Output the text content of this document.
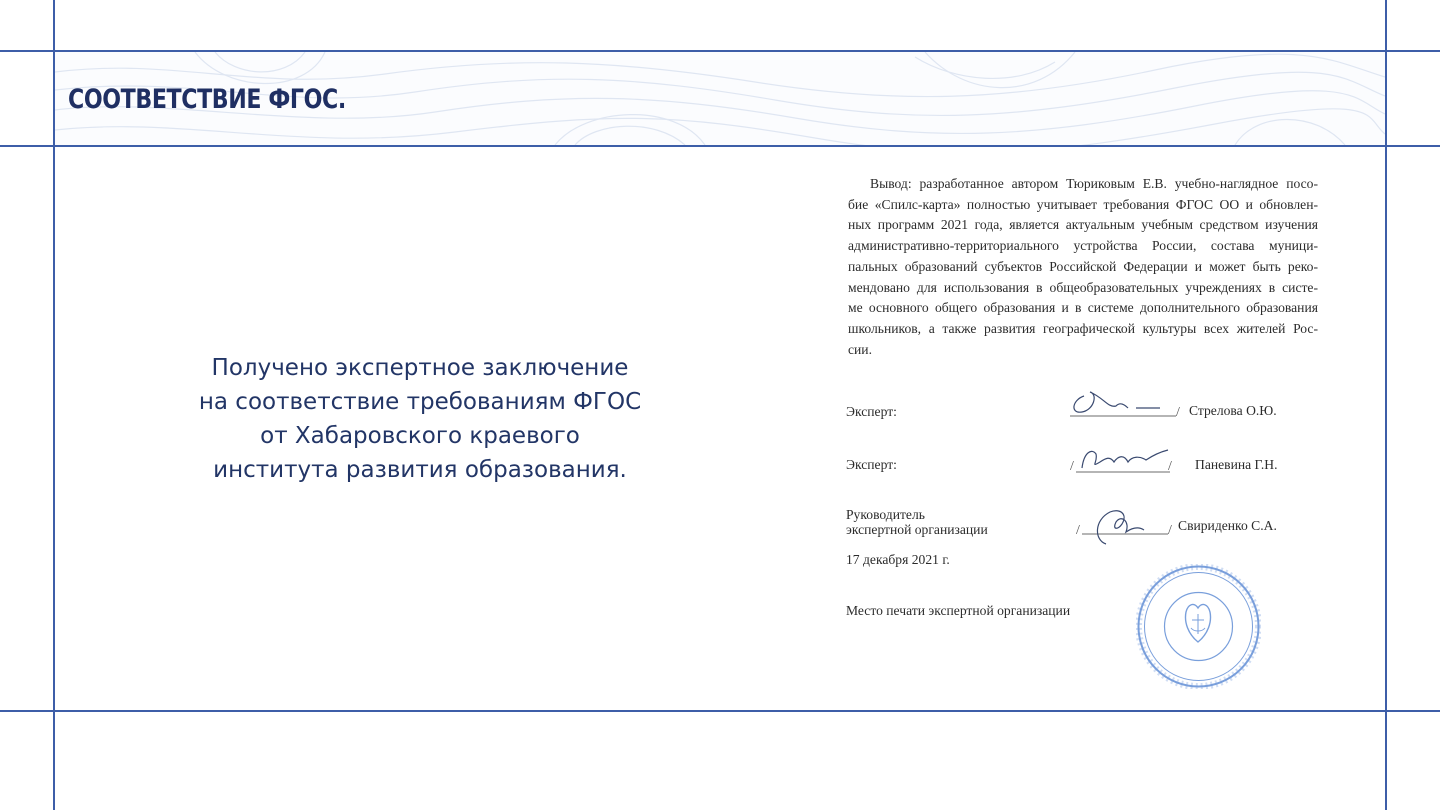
СООТВЕТСТВИЕ ФГОС.
Получено экспертное заключение
на соответствие требованиям ФГОС
от Хабаровского краевого
института развития образования.
Вывод: разработанное автором Тюриковым Е.В. учебно-наглядное посо-
бие «Спилс-карта» полностью учитывает требования ФГОС ОО и обновлен-
ных программ 2021 года, является актуальным учебным средством изучения
административно-территориального устройства России, состава муници-
пальных образований субъектов Российской Федерации и может быть реко-
мендовано для использования в общеобразовательных учреждениях в систе-
ме основного общего образования и в системе дополнительного образования
школьников, а также развития географической культуры всех жителей Рос-
сии.
Эксперт:	/ Стрелова О.Ю.
Эксперт:	/	/ Паневина Г.Н.
Руководитель
экспертной организации	/	/ Свириденко С.А.
17 декабря 2021 г.
Место печати экспертной организации
